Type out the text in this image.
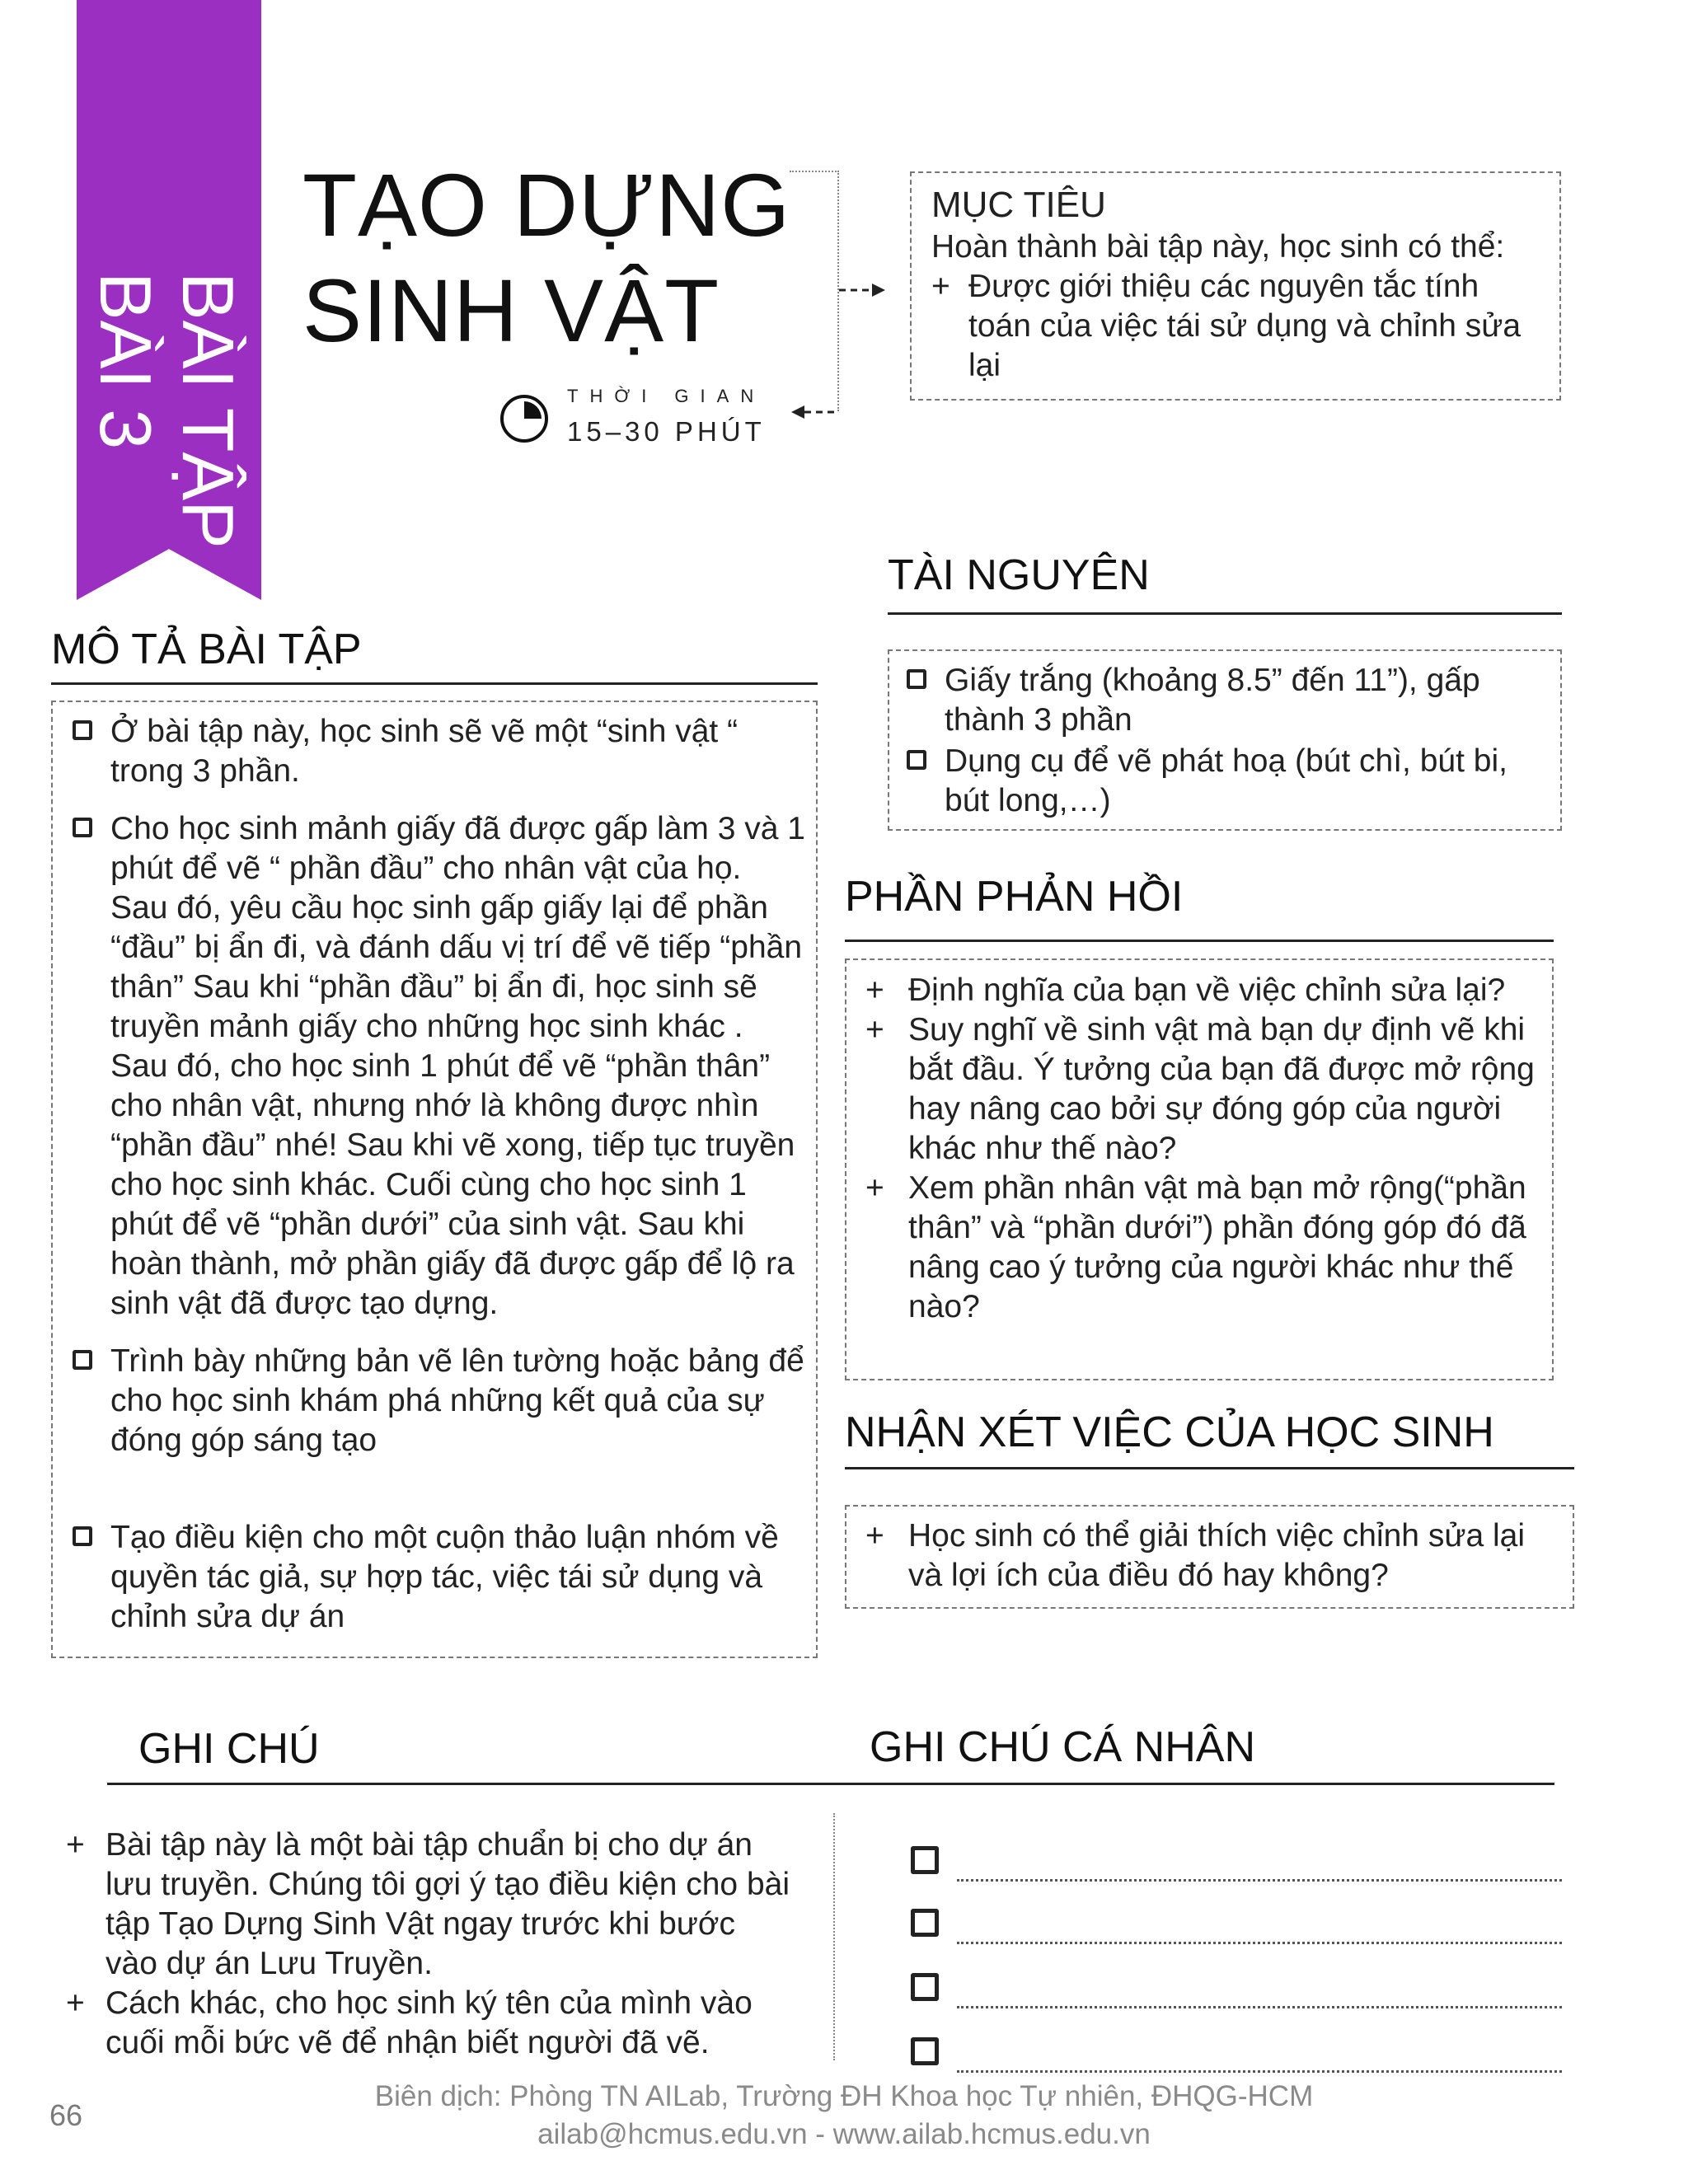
BÀI TẬP
BÀI 3
TẠO DỰNG
SINH VẬT
THỜI GIAN
15–30 PHÚT
MỤC TIÊU
Hoàn thành bài tập này, học sinh có thể:
+ Được giới thiệu các nguyên tắc tính toán của việc tái sử dụng và chỉnh sửa lại
TÀI NGUYÊN
Giấy trắng (khoảng 8.5” đến 11”), gấp thành 3 phần
Dụng cụ để vẽ phát hoạ (bút chì, bút bi, bút long,…)
MÔ TẢ BÀI TẬP
Ở bài tập này, học sinh sẽ vẽ một “sinh vật “ trong 3 phần.
Cho học sinh mảnh giấy đã được gấp làm 3 và 1 phút để vẽ “ phần đầu” cho nhân vật của họ. Sau đó, yêu cầu học sinh gấp giấy lại để phần “đầu” bị ẩn đi, và đánh dấu vị trí để vẽ tiếp “phần thân” Sau khi “phần đầu” bị ẩn đi, học sinh sẽ truyền mảnh giấy cho những học sinh khác . Sau đó, cho học sinh 1 phút để vẽ “phần thân” cho nhân vật, nhưng nhớ là không được nhìn “phần đầu” nhé! Sau khi vẽ xong, tiếp tục truyền cho học sinh khác. Cuối cùng cho học sinh 1 phút để vẽ “phần dưới” của sinh vật. Sau khi hoàn thành, mở phần giấy đã được gấp để lộ ra sinh vật đã được tạo dựng.
Trình bày những bản vẽ lên tường hoặc bảng để cho học sinh khám phá những kết quả của sự đóng góp sáng tạo
Tạo điều kiện cho một cuộn thảo luận nhóm về quyền tác giả, sự hợp tác, việc tái sử dụng và chỉnh sửa dự án
PHẦN PHẢN HỒI
+ Định nghĩa của bạn về việc chỉnh sửa lại?
+ Suy nghĩ về sinh vật mà bạn dự định vẽ khi bắt đầu. Ý tưởng của bạn đã được mở rộng hay nâng cao bởi sự đóng góp của người khác như thế nào?
+ Xem phần nhân vật mà bạn mở rộng(“phần thân” và “phần dưới”) phần đóng góp đó đã nâng cao ý tưởng của người khác như thế nào?
NHẬN XÉT VIỆC CỦA HỌC SINH
+ Học sinh có thể giải thích việc chỉnh sửa lại và lợi ích của điều đó hay không?
GHI CHÚ	GHI CHÚ CÁ NHÂN
+ Bài tập này là một bài tập chuẩn bị cho dự án lưu truyền. Chúng tôi gợi ý tạo điều kiện cho bài tập Tạo Dựng Sinh Vật ngay trước khi bước vào dự án Lưu Truyền.
+ Cách khác, cho học sinh ký tên của mình vào cuối mỗi bức vẽ để nhận biết người đã vẽ.
66
Biên dịch: Phòng TN AILab, Trường ĐH Khoa học Tự nhiên, ĐHQG-HCM
ailab@hcmus.edu.vn - www.ailab.hcmus.edu.vn
